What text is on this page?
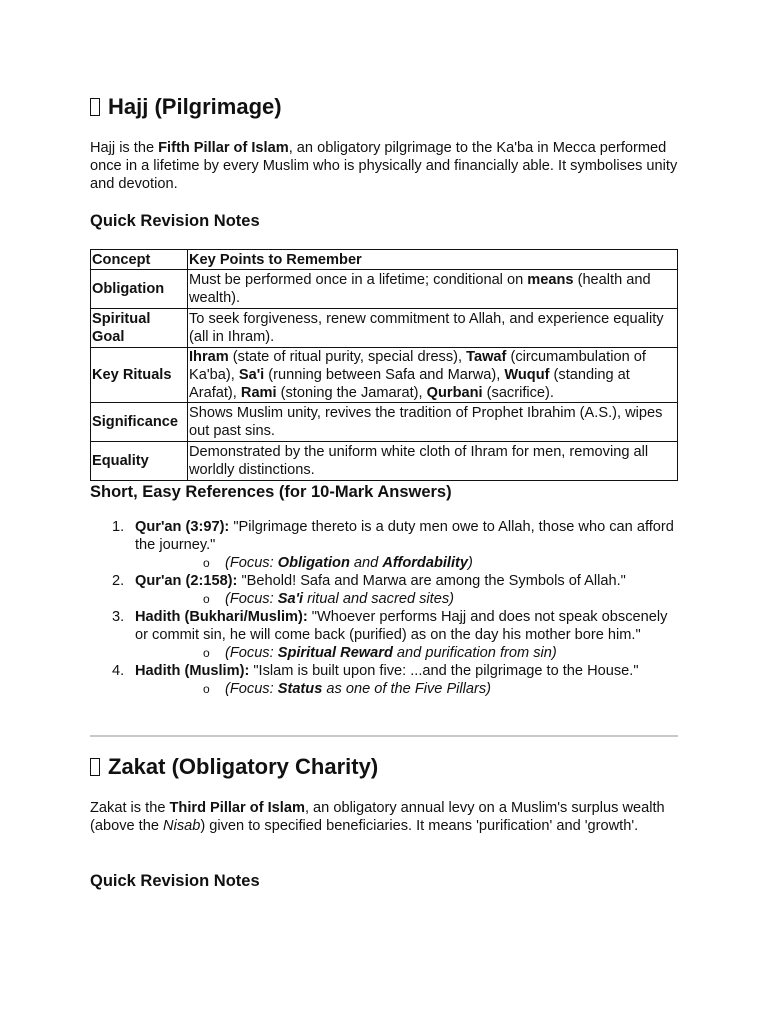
Hajj (Pilgrimage)

Hajj is the Fifth Pillar of Islam, an obligatory pilgrimage to the Ka'ba in Mecca performed once in a lifetime by every Muslim who is physically and financially able. It symbolises unity and devotion.

Quick Revision Notes
Concept	Key Points to Remember
Obligation	Must be performed once in a lifetime; conditional on means (health and wealth).
Spiritual Goal	To seek forgiveness, renew commitment to Allah, and experience equality (all in Ihram).
Key Rituals	Ihram (state of ritual purity, special dress), Tawaf (circumambulation of Ka'ba), Sa'i (running between Safa and Marwa), Wuquf (standing at Arafat), Rami (stoning the Jamarat), Qurbani (sacrifice).
Significance	Shows Muslim unity, revives the tradition of Prophet Ibrahim (A.S.), wipes out past sins.
Equality	Demonstrated by the uniform white cloth of Ihram for men, removing all worldly distinctions.
Short, Easy References (for 10-Mark Answers)
1. Qur'an (3:97): "Pilgrimage thereto is a duty men owe to Allah, those who can afford the journey."
o (Focus: Obligation and Affordability)
2. Qur'an (2:158): "Behold! Safa and Marwa are among the Symbols of Allah."
o (Focus: Sa'i ritual and sacred sites)
3. Hadith (Bukhari/Muslim): "Whoever performs Hajj and does not speak obscenely or commit sin, he will come back (purified) as on the day his mother bore him."
o (Focus: Spiritual Reward and purification from sin)
4. Hadith (Muslim): "Islam is built upon five: ...and the pilgrimage to the House."
o (Focus: Status as one of the Five Pillars)
Zakat (Obligatory Charity)

Zakat is the Third Pillar of Islam, an obligatory annual levy on a Muslim's surplus wealth (above the Nisab) given to specified beneficiaries. It means 'purification' and 'growth'.

Quick Revision Notes
